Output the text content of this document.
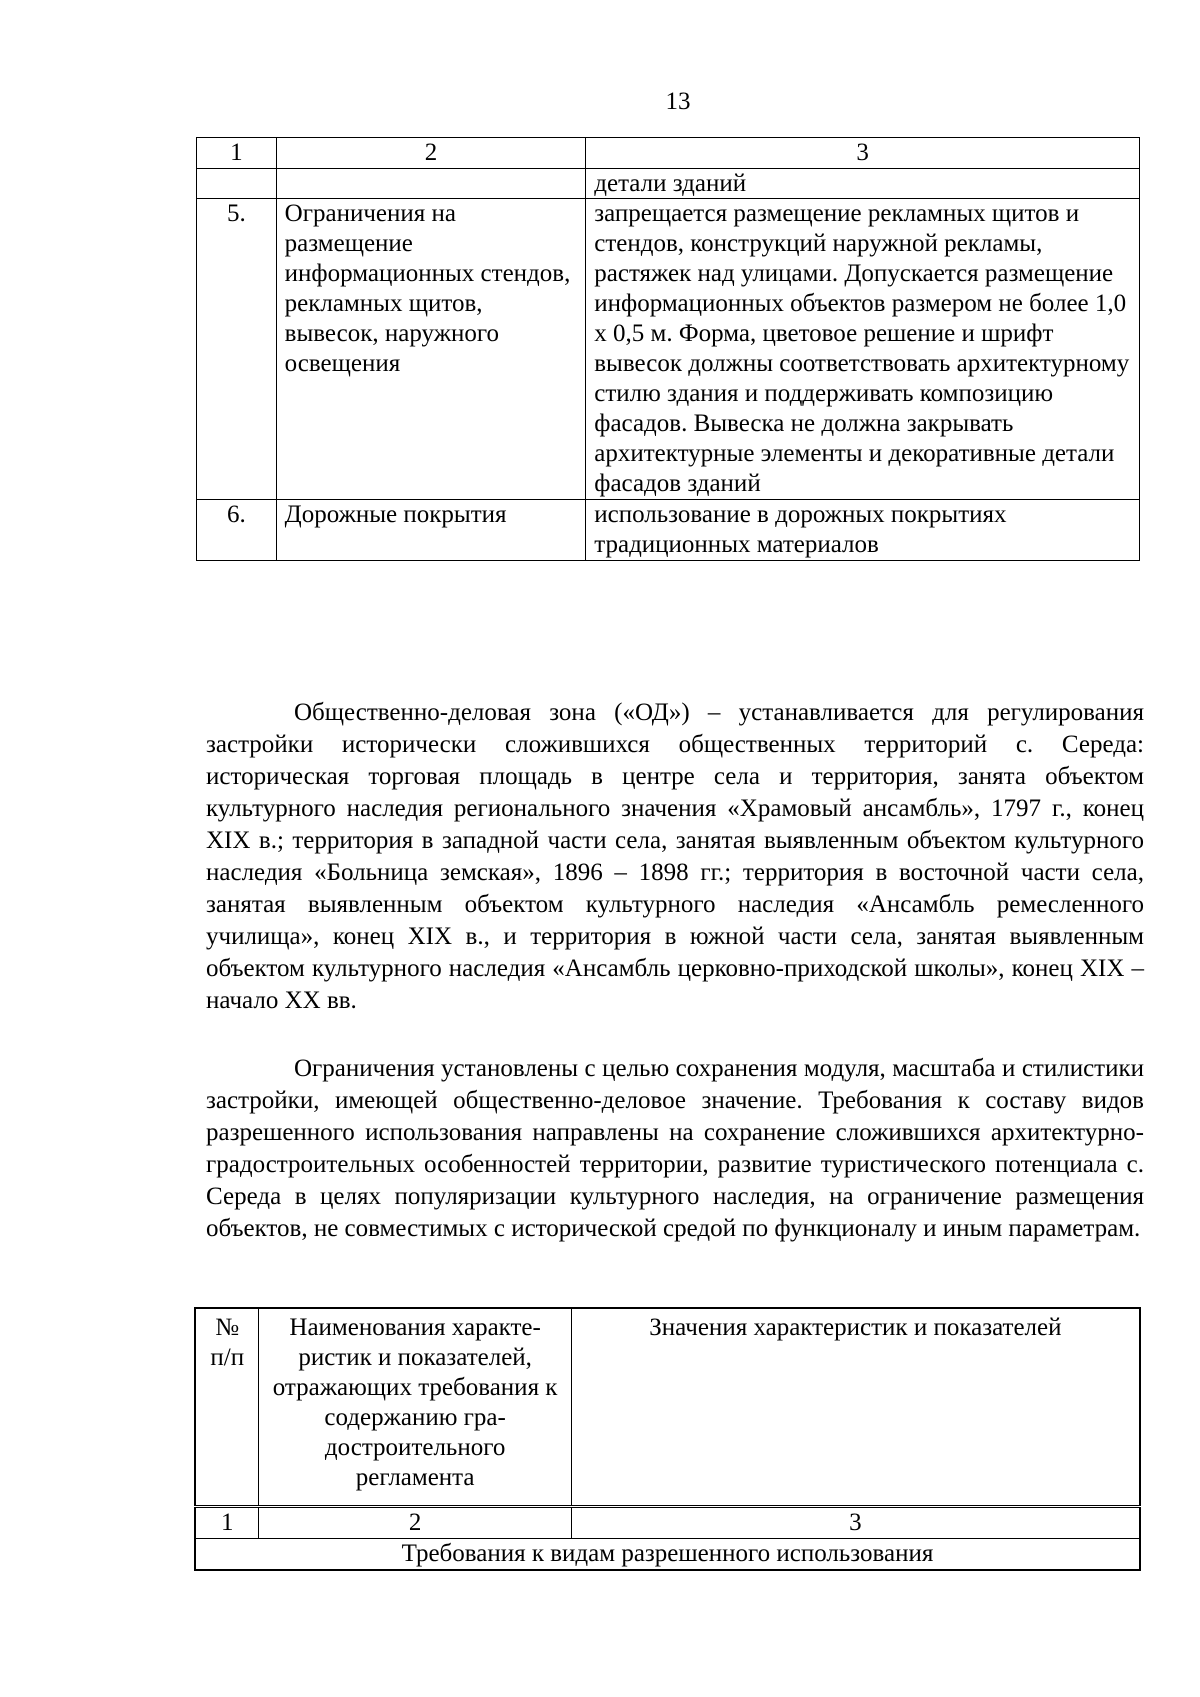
13
1	2	3
		детали зданий
5.	Ограничения на размещение информационных стендов, рекламных щитов, вывесок, наружного освещения	запрещается размещение рекламных щитов и стендов, конструкций наружной рекламы, растяжек над улицами. Допускается размещение информационных объектов размером не более 1,0 х 0,5 м. Форма, цветовое решение и шрифт вывесок должны соответствовать архитектурному стилю здания и поддерживать композицию фасадов. Вывеска не должна закрывать архитектурные элементы и декоративные детали фасадов зданий
6.	Дорожные покрытия	использование в дорожных покрытиях традиционных материалов

Общественно-деловая зона («ОД») – устанавливается для регулирования застройки исторически сложившихся общественных территорий с. Середа: историческая торговая площадь в центре села и территория, занята объектом культурного наследия регионального значения «Храмовый ансамбль», 1797 г., конец XIX в.; территория в западной части села, занятая выявленным объектом культурного наследия «Больница земская», 1896 – 1898 гг.; территория в восточной части села, занятая выявленным объектом культурного наследия «Ансамбль ремесленного училища», конец XIX в., и территория в южной части села, занятая выявленным объектом культурного наследия «Ансамбль церковно-приходской школы», конец XIX – начало XX вв.

Ограничения установлены с целью сохранения модуля, масштаба и стилистики застройки, имеющей общественно-деловое значение. Требования к составу видов разрешенного использования направлены на сохранение сложившихся архитектурно-градостроительных особенностей территории, развитие туристического потенциала с. Середа в целях популяризации культурного наследия, на ограничение размещения объектов, не совместимых с исторической средой по функционалу и иным параметрам.

№ п/п	Наименования характе-ристик и показателей, отражающих требования к содержанию гра-достроительного регламента	Значения характеристик и показателей
1	2	3
Требования к видам разрешенного использования		
